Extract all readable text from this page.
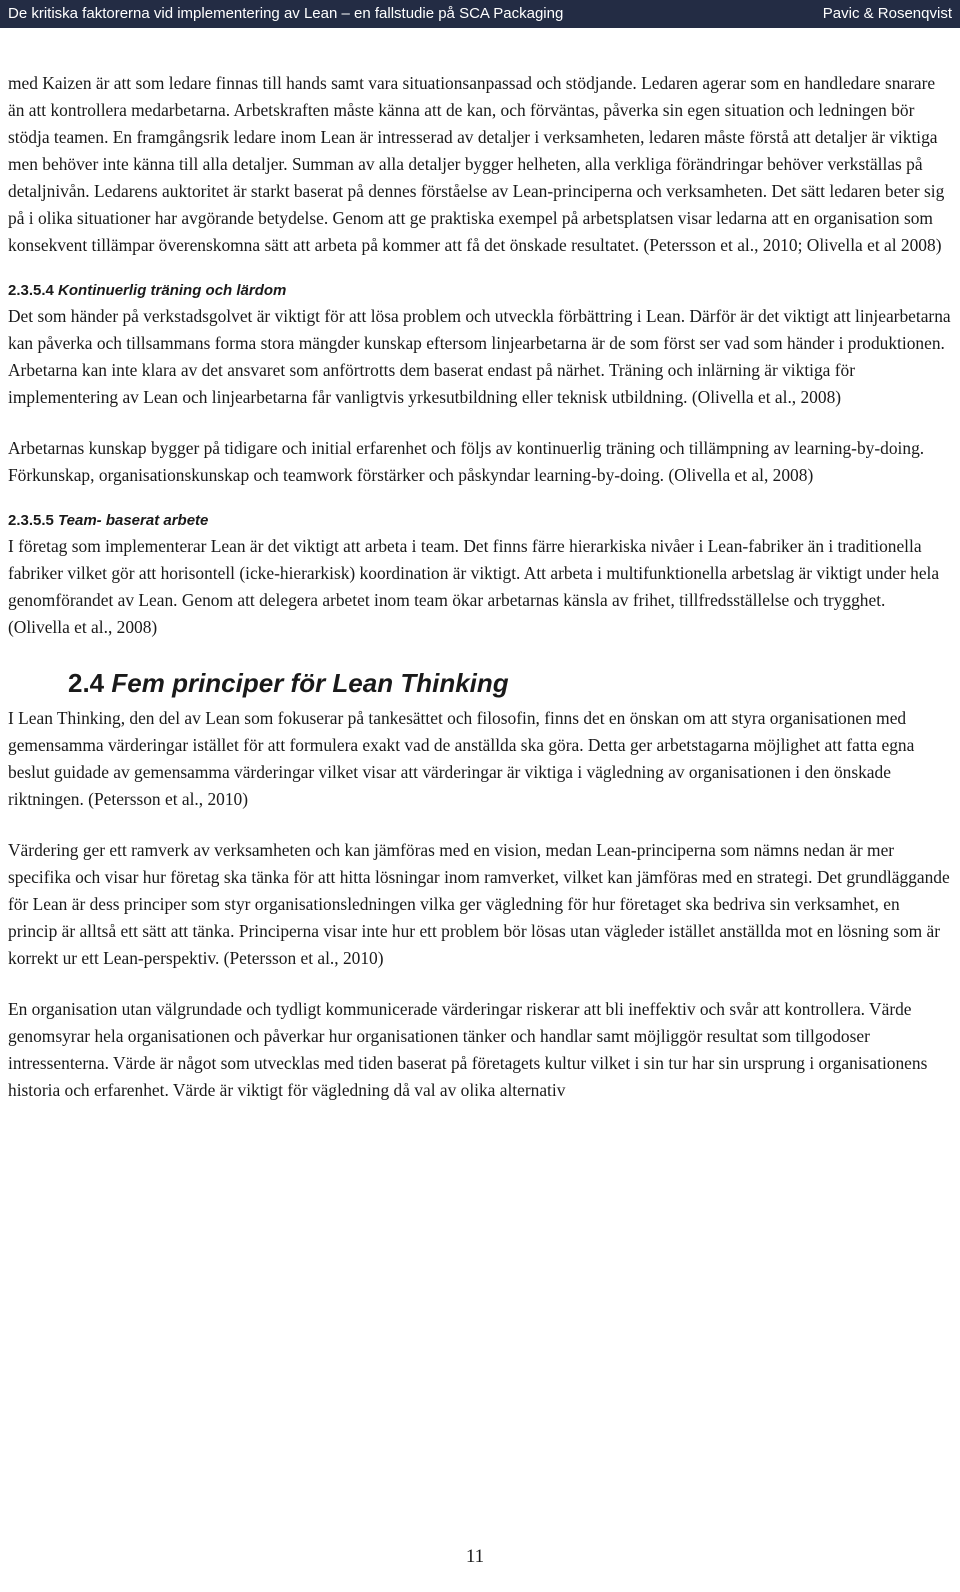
De kritiska faktorerna vid implementering av Lean – en fallstudie på SCA Packaging	Pavic & Rosenqvist

med Kaizen är att som ledare finnas till hands samt vara situationsanpassad och stödjande. Ledaren agerar som en handledare snarare än att kontrollera medarbetarna. Arbetskraften måste känna att de kan, och förväntas, påverka sin egen situation och ledningen bör stödja teamen. En framgångsrik ledare inom Lean är intresserad av detaljer i verksamheten, ledaren måste förstå att detaljer är viktiga men behöver inte känna till alla detaljer. Summan av alla detaljer bygger helheten, alla verkliga förändringar behöver verkställas på detaljnivån. Ledarens auktoritet är starkt baserat på dennes förståelse av Lean-principerna och verksamheten. Det sätt ledaren beter sig på i olika situationer har avgörande betydelse. Genom att ge praktiska exempel på arbetsplatsen visar ledarna att en organisation som konsekvent tillämpar överenskomna sätt att arbeta på kommer att få det önskade resultatet. (Petersson et al., 2010; Olivella et al 2008)

2.3.5.4 Kontinuerlig träning och lärdom

Det som händer på verkstadsgolvet är viktigt för att lösa problem och utveckla förbättring i Lean. Därför är det viktigt att linjearbetarna kan påverka och tillsammans forma stora mängder kunskap eftersom linjearbetarna är de som först ser vad som händer i produktionen. Arbetarna kan inte klara av det ansvaret som anförtrotts dem baserat endast på närhet. Träning och inlärning är viktiga för implementering av Lean och linjearbetarna får vanligtvis yrkesutbildning eller teknisk utbildning. (Olivella et al., 2008)

Arbetarnas kunskap bygger på tidigare och initial erfarenhet och följs av kontinuerlig träning och tillämpning av learning-by-doing. Förkunskap, organisationskunskap och teamwork förstärker och påskyndar learning-by-doing. (Olivella et al, 2008)

2.3.5.5 Team- baserat arbete

I företag som implementerar Lean är det viktigt att arbeta i team. Det finns färre hierarkiska nivåer i Lean-fabriker än i traditionella fabriker vilket gör att horisontell (icke-hierarkisk) koordination är viktigt. Att arbeta i multifunktionella arbetslag är viktigt under hela genomförandet av Lean. Genom att delegera arbetet inom team ökar arbetarnas känsla av frihet, tillfredsställelse och trygghet. (Olivella et al., 2008)

2.4 Fem principer för Lean Thinking

I Lean Thinking, den del av Lean som fokuserar på tankesättet och filosofin, finns det en önskan om att styra organisationen med gemensamma värderingar istället för att formulera exakt vad de anställda ska göra. Detta ger arbetstagarna möjlighet att fatta egna beslut guidade av gemensamma värderingar vilket visar att värderingar är viktiga i vägledning av organisationen i den önskade riktningen. (Petersson et al., 2010)

Värdering ger ett ramverk av verksamheten och kan jämföras med en vision, medan Lean-principerna som nämns nedan är mer specifika och visar hur företag ska tänka för att hitta lösningar inom ramverket, vilket kan jämföras med en strategi. Det grundläggande för Lean är dess principer som styr organisationsledningen vilka ger vägledning för hur företaget ska bedriva sin verksamhet, en princip är alltså ett sätt att tänka. Principerna visar inte hur ett problem bör lösas utan vägleder istället anställda mot en lösning som är korrekt ur ett Lean-perspektiv. (Petersson et al., 2010)

En organisation utan välgrundade och tydligt kommunicerade värderingar riskerar att bli ineffektiv och svår att kontrollera. Värde genomsyrar hela organisationen och påverkar hur organisationen tänker och handlar samt möjliggör resultat som tillgodoser intressenterna. Värde är något som utvecklas med tiden baserat på företagets kultur vilket i sin tur har sin ursprung i organisationens historia och erfarenhet. Värde är viktigt för vägledning då val av olika alternativ

11
